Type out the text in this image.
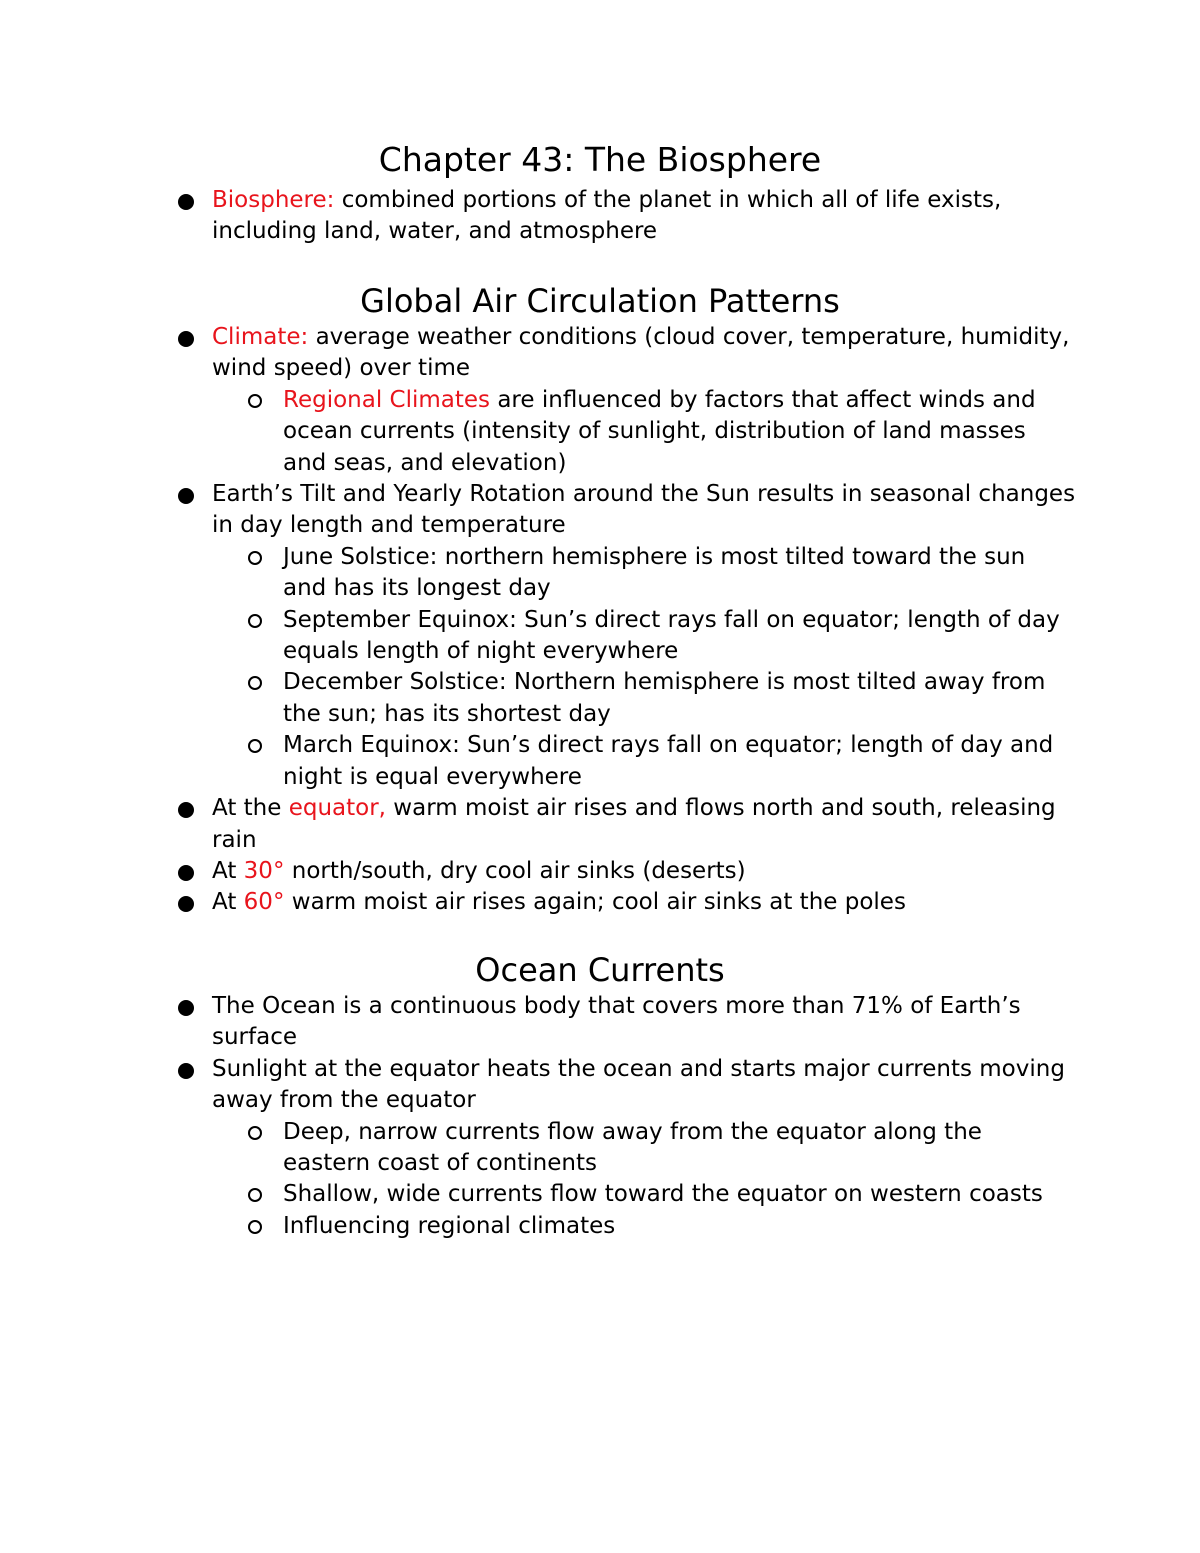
Chapter 43: The Biosphere
Biosphere: combined portions of the planet in which all of life exists, including land, water, and atmosphere
Global Air Circulation Patterns
Climate: average weather conditions (cloud cover, temperature, humidity, wind speed) over time
Regional Climates are influenced by factors that affect winds and ocean currents (intensity of sunlight, distribution of land masses and seas, and elevation)
Earth’s Tilt and Yearly Rotation around the Sun results in seasonal changes in day length and temperature
June Solstice: northern hemisphere is most tilted toward the sun and has its longest day
September Equinox: Sun’s direct rays fall on equator; length of day equals length of night everywhere
December Solstice: Northern hemisphere is most tilted away from the sun; has its shortest day
March Equinox: Sun’s direct rays fall on equator; length of day and night is equal everywhere
At the equator, warm moist air rises and flows north and south, releasing rain
At 30° north/south, dry cool air sinks (deserts)
At 60° warm moist air rises again; cool air sinks at the poles
Ocean Currents
The Ocean is a continuous body that covers more than 71% of Earth’s surface
Sunlight at the equator heats the ocean and starts major currents moving away from the equator
Deep, narrow currents flow away from the equator along the eastern coast of continents
Shallow, wide currents flow toward the equator on western coasts
Influencing regional climates
